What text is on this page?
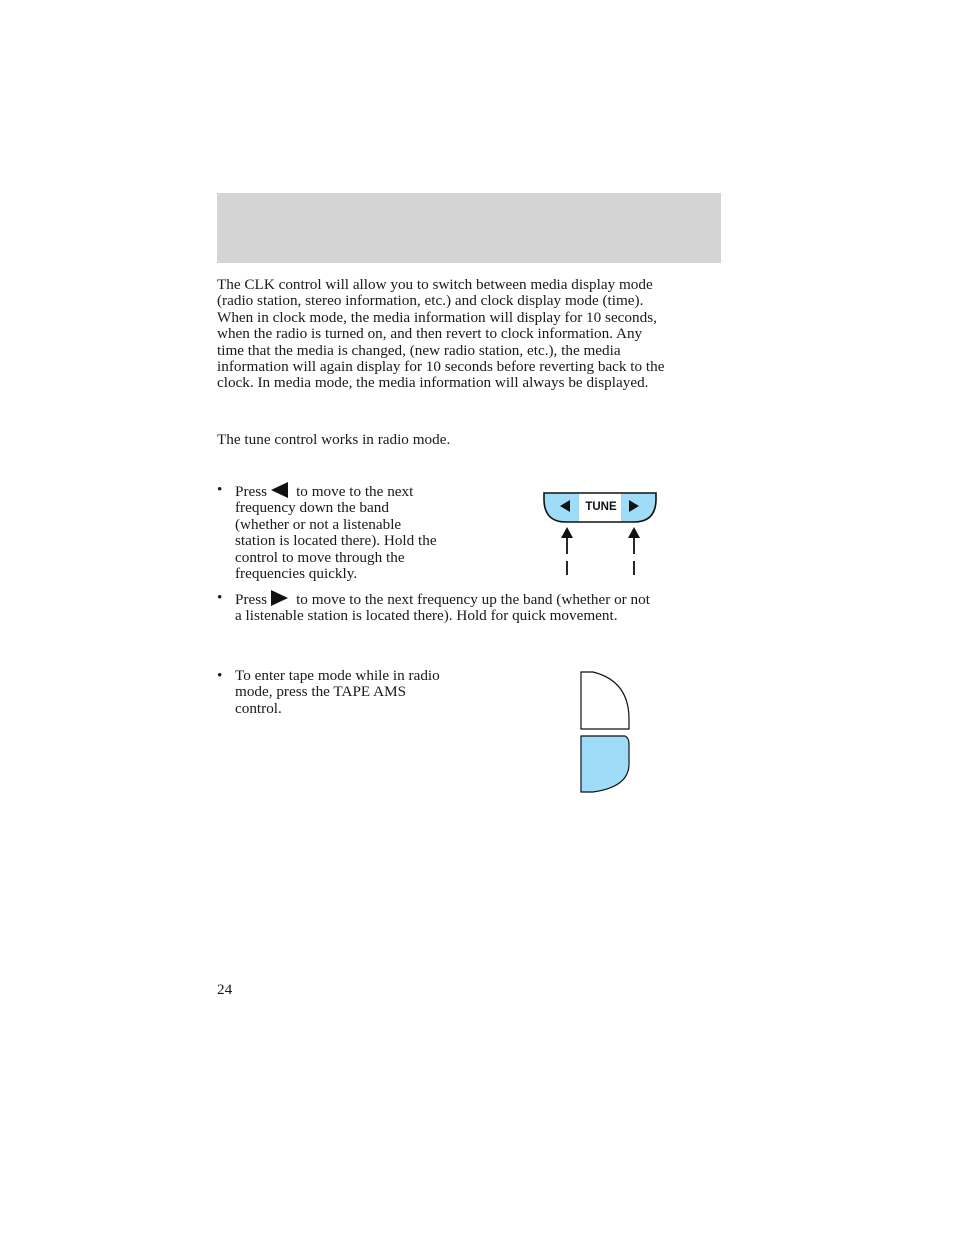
The CLK control will allow you to switch between media display mode
(radio station, stereo information, etc.) and clock display mode (time).
When in clock mode, the media information will display for 10 seconds,
when the radio is turned on, and then revert to clock information. Any
time that the media is changed, (new radio station, etc.), the media
information will again display for 10 seconds before reverting back to the
clock. In media mode, the media information will always be displayed.

The tune control works in radio mode.

• Press to move to the next
frequency down the band
(whether or not a listenable
station is located there). Hold the
control to move through the
frequencies quickly.
• Press to move to the next frequency up the band (whether or not
a listenable station is located there). Hold for quick movement.
• To enter tape mode while in radio
mode, press the TAPE AMS
control.
TUNE
24
